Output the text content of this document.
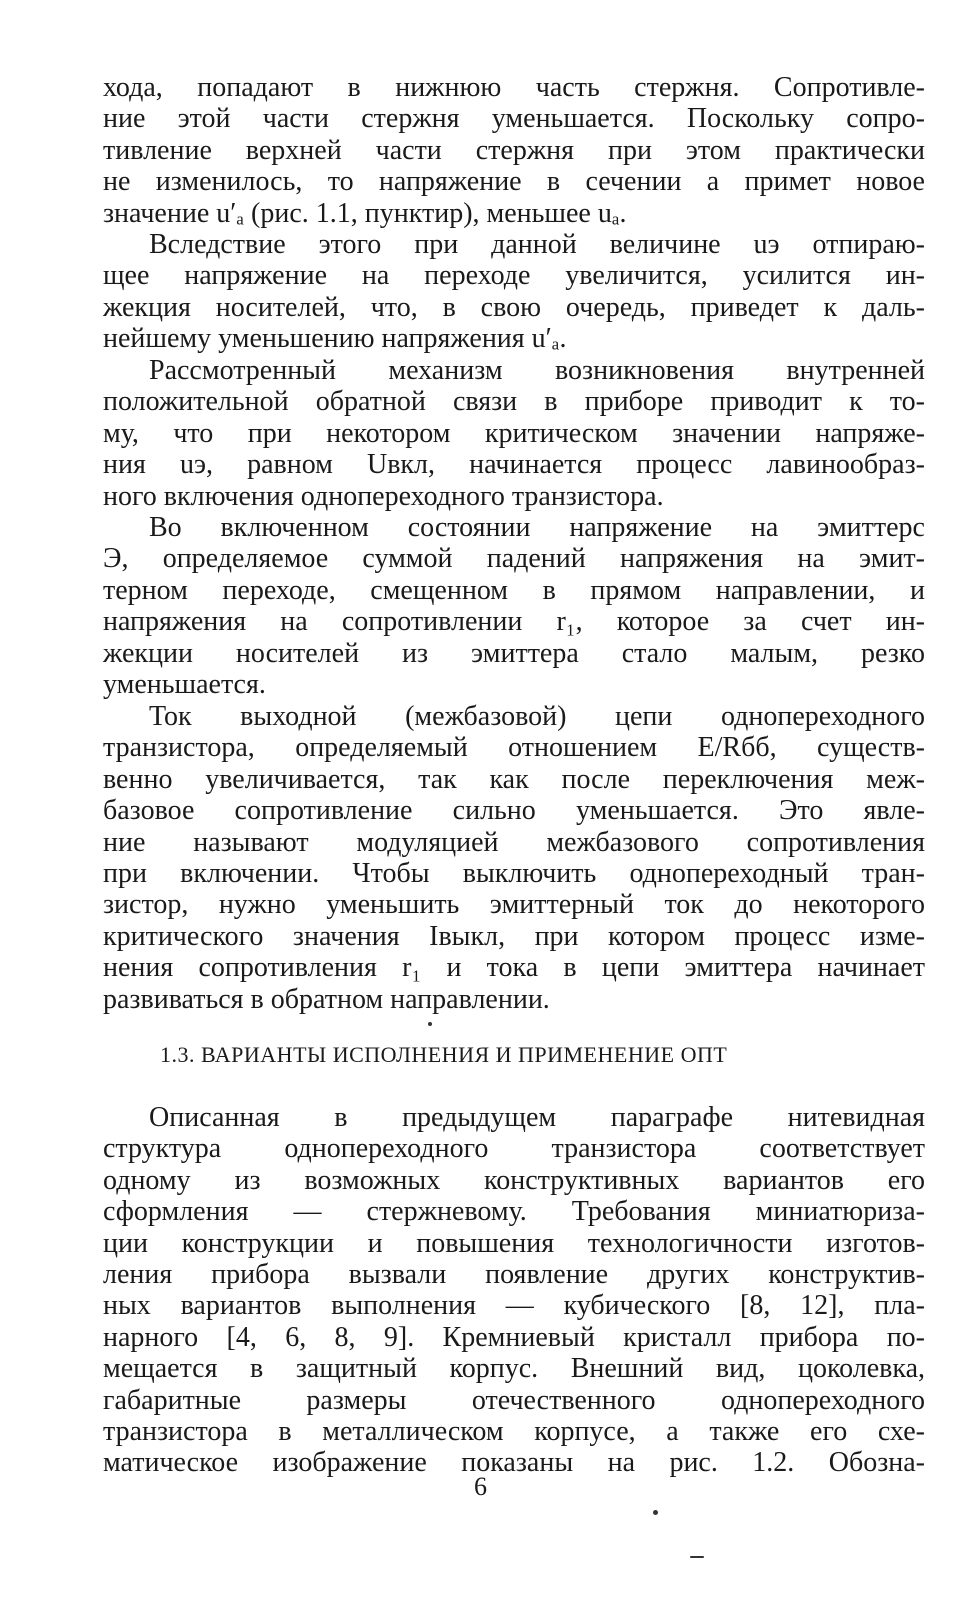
хода, попадают в нижнюю часть стержня. Сопротивле-
ние этой части стержня уменьшается. Поскольку сопро-
тивление верхней части стержня при этом практически
не изменилось, то напряжение в сечении a примет новое
значение u′ₐ (рис. 1.1, пунктир), меньшее uₐ.
Вследствие этого при данной величине uэ отпираю-
щее напряжение на переходе увеличится, усилится ин-
жекция носителей, что, в свою очередь, приведет к даль-
нейшему уменьшению напряжения u′ₐ.
Рассмотренный механизм возникновения внутренней
положительной обратной связи в приборе приводит к то-
му, что при некотором критическом значении напряже-
ния uэ, равном Uвкл, начинается процесс лавинообраз-
ного включения однопереходного транзистора.
Во включенном состоянии напряжение на эмиттерс
Э, определяемое суммой падений напряжения на эмит-
терном переходе, смещенном в прямом направлении, и
напряжения на сопротивлении r₁, которое за счет ин-
жекции носителей из эмиттера стало малым, резко
уменьшается.
Ток выходной (межбазовой) цепи однопереходного
транзистора, определяемый отношением E/Rбб, существ-
венно увеличивается, так как после переключения меж-
базовое сопротивление сильно уменьшается. Это явле-
ние называют модуляцией межбазового сопротивления
при включении. Чтобы выключить однопереходный тран-
зистор, нужно уменьшить эмиттерный ток до некоторого
критического значения Iвыкл, при котором процесс изме-
нения сопротивления r₁ и тока в цепи эмиттера начинает
развиваться в обратном направлении.
1.3. ВАРИАНТЫ ИСПОЛНЕНИЯ И ПРИМЕНЕНИЕ ОПТ
Описанная в предыдущем параграфе нитевидная
структура однопереходного транзистора соответствует
одному из возможных конструктивных вариантов его
сформления — стержневому. Требования миниатюриза-
ции конструкции и повышения технологичности изготов-
ления прибора вызвали появление других конструктив-
ных вариантов выполнения — кубического [8, 12], пла-
нарного [4, 6, 8, 9]. Кремниевый кристалл прибора по-
мещается в защитный корпус. Внешний вид, цоколевка,
габаритные размеры отечественного однопереходного
транзистора в металлическом корпусе, а также его схе-
матическое изображение показаны на рис. 1.2. Обозна-
6
